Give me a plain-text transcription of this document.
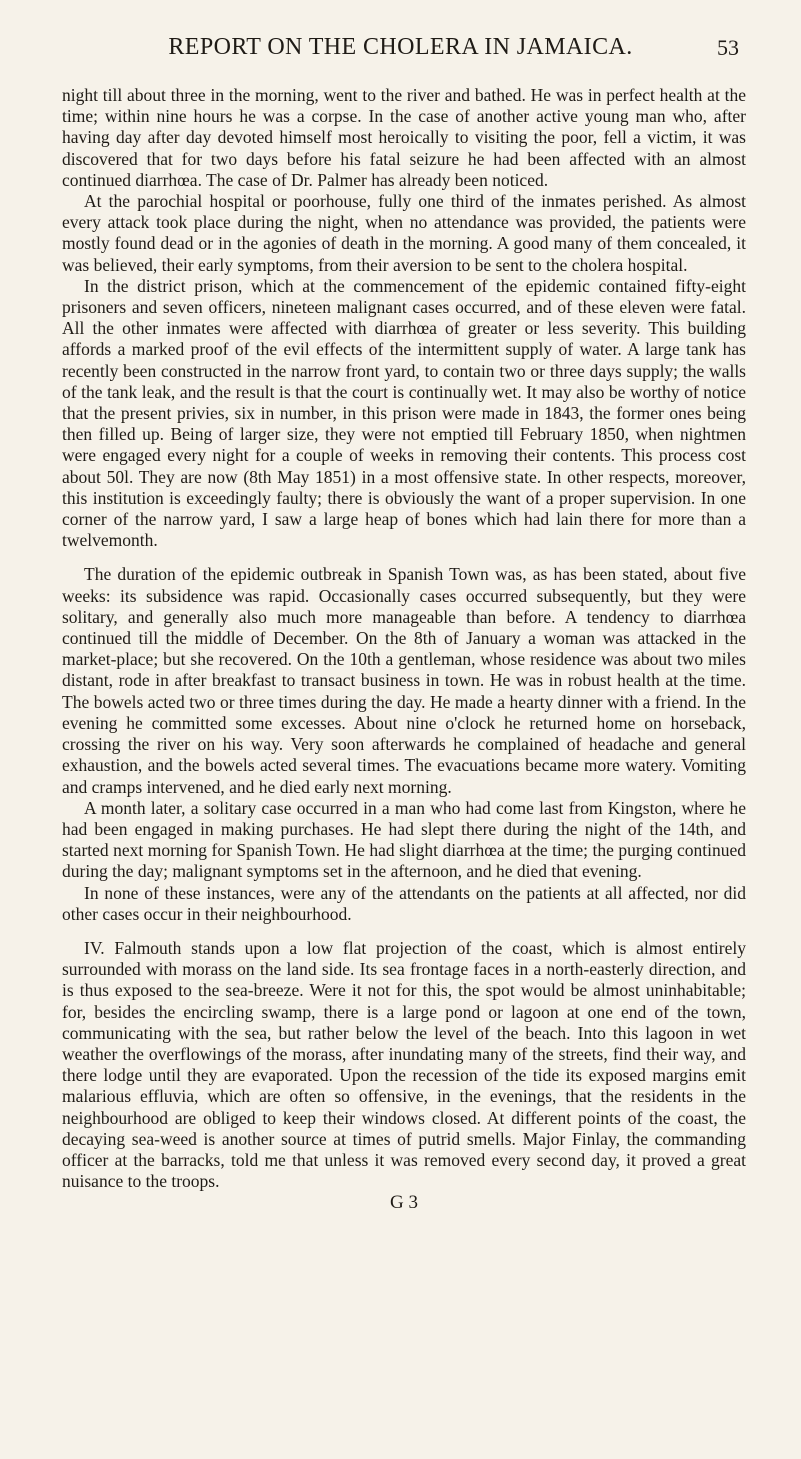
REPORT ON THE CHOLERA IN JAMAICA.	53

night till about three in the morning, went to the river and bathed. He was in perfect health at the time; within nine hours he was a corpse. In the case of another active young man who, after having day after day devoted himself most heroically to visiting the poor, fell a victim, it was discovered that for two days before his fatal seizure he had been affected with an almost continued diarrhœa. The case of Dr. Palmer has already been noticed.

At the parochial hospital or poorhouse, fully one third of the inmates perished. As almost every attack took place during the night, when no attendance was provided, the patients were mostly found dead or in the agonies of death in the morning. A good many of them concealed, it was believed, their early symptoms, from their aversion to be sent to the cholera hospital.

In the district prison, which at the commencement of the epidemic contained fifty-eight prisoners and seven officers, nineteen malignant cases occurred, and of these eleven were fatal. All the other inmates were affected with diarrhœa of greater or less severity. This building affords a marked proof of the evil effects of the intermittent supply of water. A large tank has recently been constructed in the narrow front yard, to contain two or three days supply; the walls of the tank leak, and the result is that the court is continually wet. It may also be worthy of notice that the present privies, six in number, in this prison were made in 1843, the former ones being then filled up. Being of larger size, they were not emptied till February 1850, when nightmen were engaged every night for a couple of weeks in removing their contents. This process cost about 50l. They are now (8th May 1851) in a most offensive state. In other respects, moreover, this institution is exceedingly faulty; there is obviously the want of a proper supervision. In one corner of the narrow yard, I saw a large heap of bones which had lain there for more than a twelvemonth.

The duration of the epidemic outbreak in Spanish Town was, as has been stated, about five weeks: its subsidence was rapid. Occasionally cases occurred subsequently, but they were solitary, and generally also much more manageable than before. A tendency to diarrhœa continued till the middle of December. On the 8th of January a woman was attacked in the market-place; but she recovered. On the 10th a gentleman, whose residence was about two miles distant, rode in after breakfast to transact business in town. He was in robust health at the time. The bowels acted two or three times during the day. He made a hearty dinner with a friend. In the evening he committed some excesses. About nine o'clock he returned home on horseback, crossing the river on his way. Very soon afterwards he complained of headache and general exhaustion, and the bowels acted several times. The evacuations became more watery. Vomiting and cramps intervened, and he died early next morning.

A month later, a solitary case occurred in a man who had come last from Kingston, where he had been engaged in making purchases. He had slept there during the night of the 14th, and started next morning for Spanish Town. He had slight diarrhœa at the time; the purging continued during the day; malignant symptoms set in the afternoon, and he died that evening.

In none of these instances, were any of the attendants on the patients at all affected, nor did other cases occur in their neighbourhood.

IV. Falmouth stands upon a low flat projection of the coast, which is almost entirely surrounded with morass on the land side. Its sea frontage faces in a north-easterly direction, and is thus exposed to the sea-breeze. Were it not for this, the spot would be almost uninhabitable; for, besides the encircling swamp, there is a large pond or lagoon at one end of the town, communicating with the sea, but rather below the level of the beach. Into this lagoon in wet weather the overflowings of the morass, after inundating many of the streets, find their way, and there lodge until they are evaporated. Upon the recession of the tide its exposed margins emit malarious effluvia, which are often so offensive, in the evenings, that the residents in the neighbourhood are obliged to keep their windows closed. At different points of the coast, the decaying sea-weed is another source at times of putrid smells. Major Finlay, the commanding officer at the barracks, told me that unless it was removed every second day, it proved a great nuisance to the troops.

G 3
